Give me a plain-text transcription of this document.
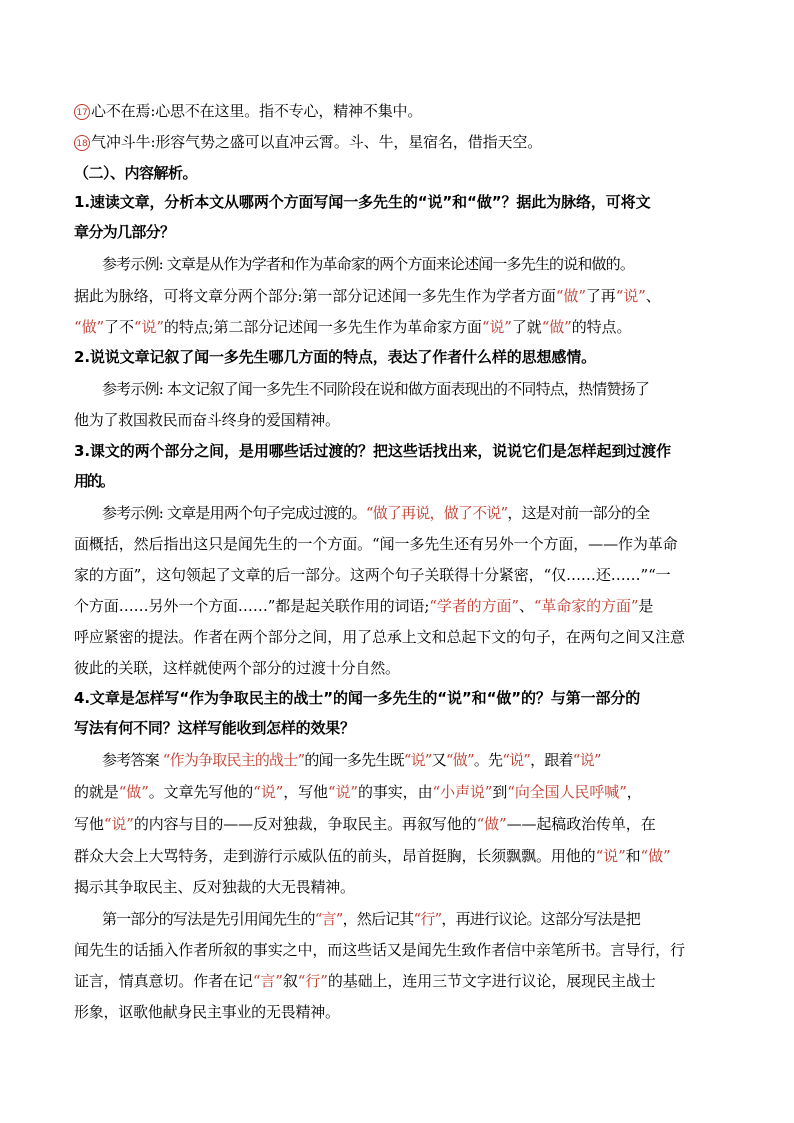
17 心不在焉:心思不在这里。指不专心，精神不集中。
18 气冲斗牛:形容气势之盛可以直冲云霄。斗、牛，星宿名，借指天空。
（二）、内容解析。
1.速读文章，分析本文从哪两个方面写闻一多先生的“说”和“做”？据此为脉络，可将文
章分为几部分？
参考示例: 文章是从作为学者和作为革命家的两个方面来论述闻一多先生的说和做的。
据此为脉络，可将文章分两个部分:第一部分记述闻一多先生作为学者方面“做”了再“说”、
“做”了不“说”的特点;第二部分记述闻一多先生作为革命家方面“说”了就“做”的特点。
2.说说文章记叙了闻一多先生哪几方面的特点，表达了作者什么样的思想感情。
参考示例: 本文记叙了闻一多先生不同阶段在说和做方面表现出的不同特点，热情赞扬了
他为了救国救民而奋斗终身的爱国精神。
3.课文的两个部分之间，是用哪些话过渡的？把这些话找出来，说说它们是怎样起到过渡作
用的。
参考示例: 文章是用两个句子完成过渡的。“做了再说，做了不说”，这是对前一部分的全
面概括，然后指出这只是闻先生的一个方面。“闻一多先生还有另外一个方面，——作为革命
家的方面”，这句领起了文章的后一部分。这两个句子关联得十分紧密，“仅……还……”“一
个方面……另外一个方面……”都是起关联作用的词语;“学者的方面”、“革命家的方面”是
呼应紧密的提法。作者在两个部分之间，用了总承上文和总起下文的句子，在两句之间又注意
彼此的关联，这样就使两个部分的过渡十分自然。
4.文章是怎样写“作为争取民主的战士”的闻一多先生的“说”和“做”的？与第一部分的
写法有何不同？这样写能收到怎样的效果？
参考答案 “作为争取民主的战士”的闻一多先生既“说”又“做”。先“说”，跟着“说”
的就是“做”。文章先写他的“说”，写他“说”的事实，由“小声说”到“向全国人民呼喊”，
写他“说”的内容与目的——反对独裁，争取民主。再叙写他的“做”——起稿政治传单，在
群众大会上大骂特务，走到游行示威队伍的前头，昂首挺胸，长须飘飘。用他的“说”和“做”
揭示其争取民主、反对独裁的大无畏精神。
第一部分的写法是先引用闻先生的“言”，然后记其“行”，再进行议论。这部分写法是把
闻先生的话插入作者所叙的事实之中，而这些话又是闻先生致作者信中亲笔所书。言导行，行
证言，情真意切。作者在记“言”叙“行”的基础上，连用三节文字进行议论，展现民主战士
形象，讴歌他献身民主事业的无畏精神。
